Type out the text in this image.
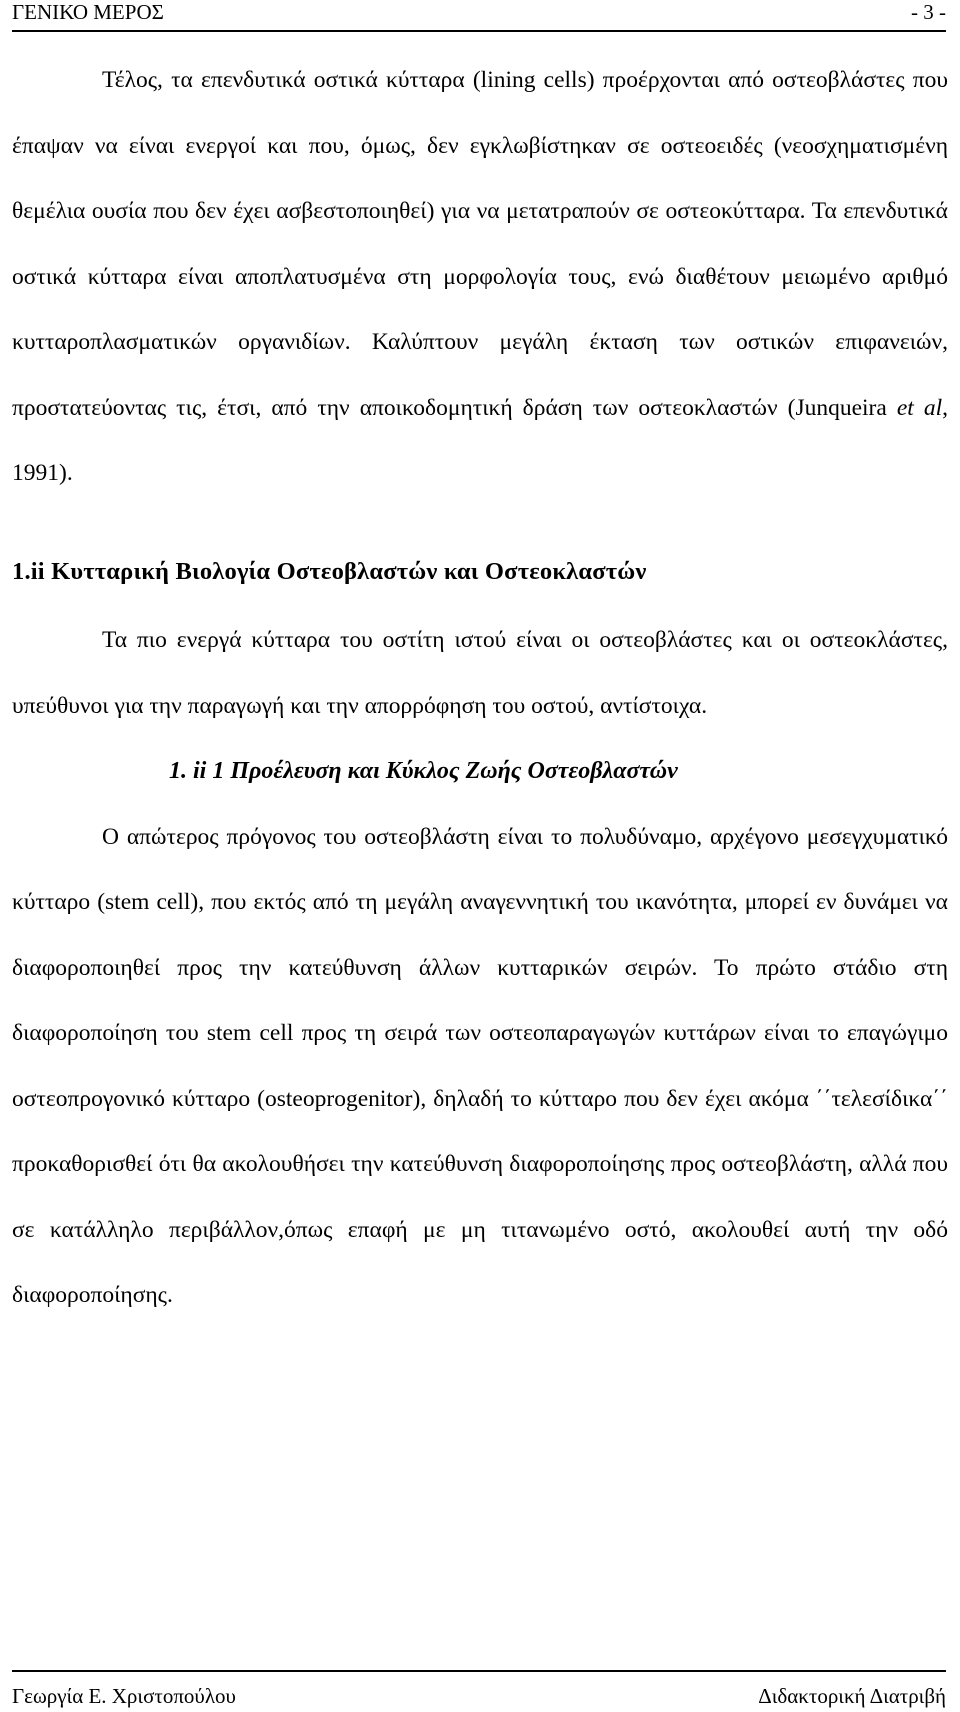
ΓΕΝΙΚΟ ΜΕΡΟΣ	- 3 -

Τέλος, τα επενδυτικά οστικά κύτταρα (lining cells) προέρχονται από οστεοβλάστες που έπαψαν να είναι ενεργοί και που, όμως, δεν εγκλωβίστηκαν σε οστεοειδές (νεοσχηματισμένη θεμέλια ουσία που δεν έχει ασβεστοποιηθεί) για να μετατραπούν σε οστεοκύτταρα. Τα επενδυτικά οστικά κύτταρα είναι αποπλατυσμένα στη μορφολογία τους, ενώ διαθέτουν μειωμένο αριθμό κυτταροπλασματικών οργανιδίων. Καλύπτουν μεγάλη έκταση των οστικών επιφανειών, προστατεύοντας τις, έτσι, από την αποικοδομητική δράση των οστεοκλαστών (Junqueira et al, 1991).

1.ii Κυτταρική Βιολογία Οστεοβλαστών και Οστεοκλαστών

Τα πιο ενεργά κύτταρα του οστίτη ιστού είναι οι οστεοβλάστες και οι οστεοκλάστες, υπεύθυνοι για την παραγωγή και την απορρόφηση του οστού, αντίστοιχα.

1. ii 1 Προέλευση και Κύκλος Ζωής Οστεοβλαστών

Ο απώτερος πρόγονος του οστεοβλάστη είναι το πολυδύναμο, αρχέγονο μεσεγχυματικό κύτταρο (stem cell), που εκτός από τη μεγάλη αναγεννητική του ικανότητα, μπορεί εν δυνάμει να διαφοροποιηθεί προς την κατεύθυνση άλλων κυτταρικών σειρών. Το πρώτο στάδιο στη διαφοροποίηση του stem cell προς τη σειρά των οστεοπαραγωγών κυττάρων είναι το επαγώγιμο οστεοπρογονικό κύτταρο (osteoprogenitor), δηλαδή το κύτταρο που δεν έχει ακόμα ΄΄τελεσίδικα΄΄ προκαθορισθεί ότι θα ακολουθήσει την κατεύθυνση διαφοροποίησης προς οστεοβλάστη, αλλά που σε κατάλληλο περιβάλλον,όπως επαφή με μη τιτανωμένο οστό, ακολουθεί αυτή την οδό διαφοροποίησης.

Γεωργία Ε. Χριστοπούλου	Διδακτορική Διατριβή
